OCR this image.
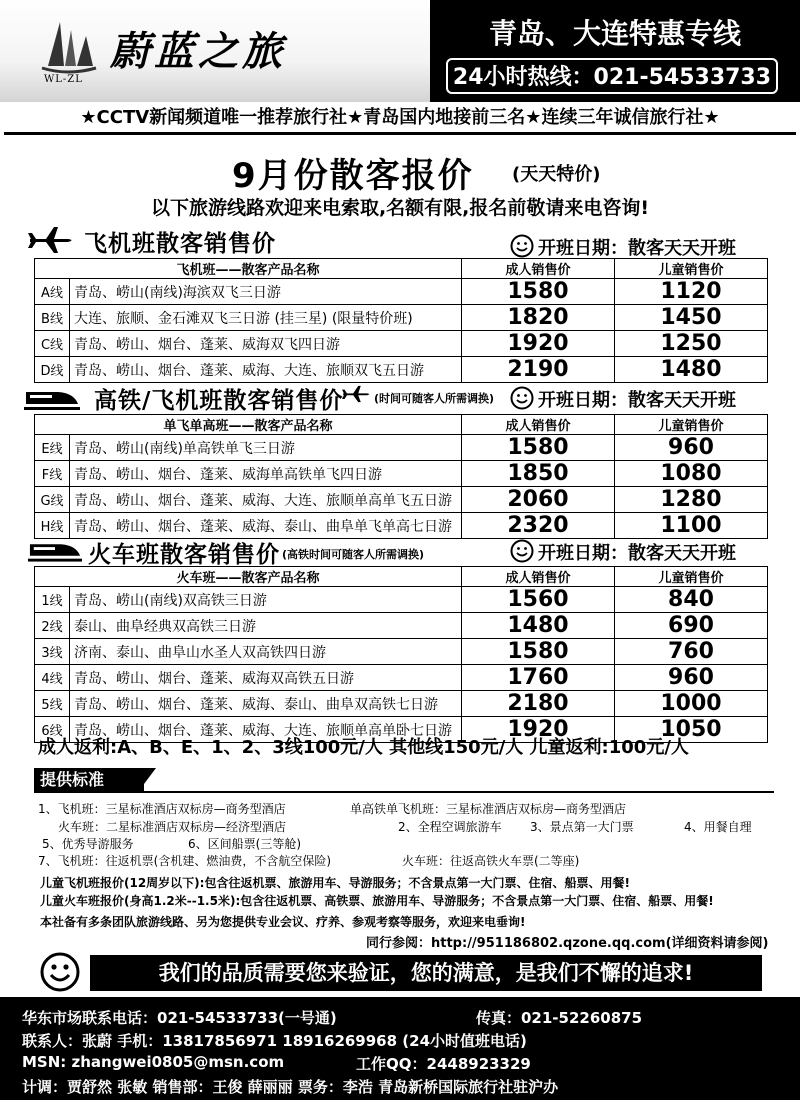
WL-ZL
蔚蓝之旅	青岛、大连特惠专线
24小时热线：021-54533733
★CCTV新闻频道唯一推荐旅行社★青岛国内地接前三名★连续三年诚信旅行社★
9月份散客报价 (天天特价)
以下旅游线路欢迎来电索取,名额有限,报名前敬请来电咨询!
飞机班散客销售价	开班日期：散客天天开班
飞机班——散客产品名称		成人销售价	儿童销售价
A线	青岛、崂山(南线)海滨双飞三日游	1580	1120
B线	大连、旅顺、金石滩双飞三日游 (挂三星) (限量特价班)	1820	1450
C线	青岛、崂山、烟台、蓬莱、威海双飞四日游	1920	1250
D线	青岛、崂山、烟台、蓬莱、威海、大连、旅顺双飞五日游	2190	1480
高铁/飞机班散客销售价	(时间可随客人所需调换) 开班日期：散客天天开班
单飞单高班——散客产品名称		成人销售价	儿童销售价
E线	青岛、崂山(南线)单高铁单飞三日游	1580	960
F线	青岛、崂山、烟台、蓬莱、威海单高铁单飞四日游	1850	1080
G线	青岛、崂山、烟台、蓬莱、威海、大连、旅顺单高单飞五日游	2060	1280
H线	青岛、崂山、烟台、蓬莱、威海、泰山、曲阜单飞单高七日游	2320	1100
火车班散客销售价 (高铁时间可随客人所需调换)	开班日期：散客天天开班
火车班——散客产品名称		成人销售价	儿童销售价
1线	青岛、崂山(南线)双高铁三日游	1560	840
2线	泰山、曲阜经典双高铁三日游	1480	690
3线	济南、泰山、曲阜山水圣人双高铁四日游	1580	760
4线	青岛、崂山、烟台、蓬莱、威海双高铁五日游	1760	960
5线	青岛、崂山、烟台、蓬莱、威海、泰山、曲阜双高铁七日游	2180	1000
6线	青岛、崂山、烟台、蓬莱、威海、大连、旅顺单高单卧七日游	1920	1050
成人返利:A、B、E、1、2、3线100元/人 其他线150元/人 儿童返利:100元/人
提供标准
1、飞机班：三星标准酒店双标房—商务型酒店	单高铁单飞机班：三星标准酒店双标房—商务型酒店
火车班：二星标准酒店双标房—经济型酒店	2、全程空调旅游车 3、景点第一大门票	4、用餐自理
5、优秀导游服务	6、区间船票(三等舱)
7、飞机班：往返机票(含机建、燃油费，不含航空保险)	火车班：往返高铁火车票(二等座)
儿童飞机班报价(12周岁以下):包含往返机票、旅游用车、导游服务；不含景点第一大门票、住宿、船票、用餐!
儿童火车班报价(身高1.2米--1.5米):包含往返机票、高铁票、旅游用车、导游服务；不含景点第一大门票、住宿、船票、用餐!
本社备有多条团队旅游线路、另为您提供专业会议、疗养、参观考察等服务，欢迎来电垂询!
同行参阅：http://951186802.qzone.qq.com(详细资料请参阅)
我们的品质需要您来验证，您的满意，是我们不懈的追求!
华东市场联系电话：021-54533733(一号通)	传真：021-52260875
联系人：张蔚 手机：13817856971 18916269968 (24小时值班电话)
MSN: zhangwei0805@msn.com	工作QQ：2448923329
计调：贾舒然 张敏 销售部：王俊 薛丽丽 票务：李浩 青岛新桥国际旅行社驻沪办
